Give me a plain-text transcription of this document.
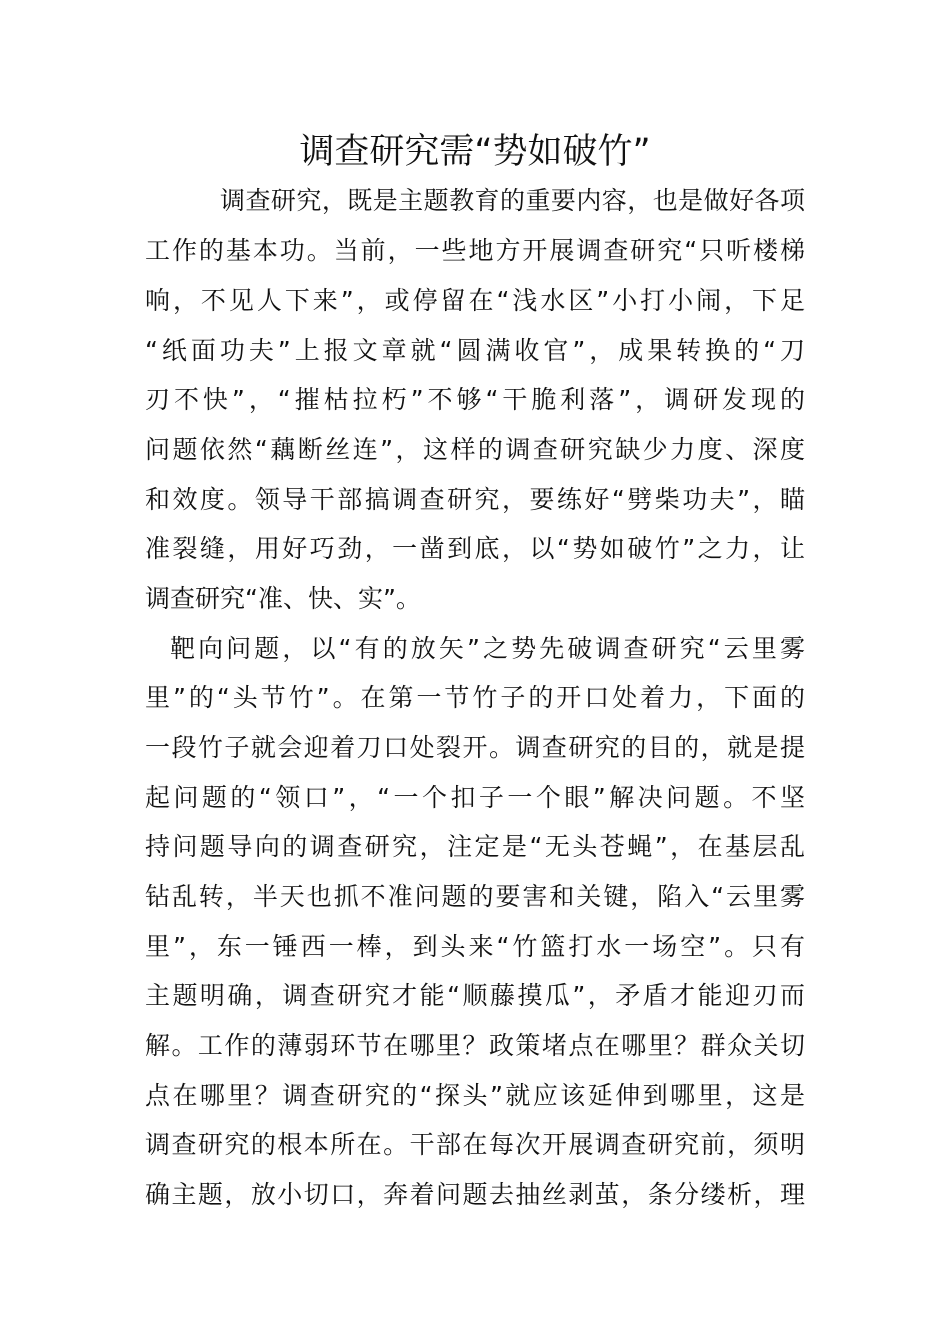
调查研究需“势如破竹”
调查研究，既是主题教育的重要内容，也是做好各项
工作的基本功。当前，一些地方开展调查研究“只听楼梯
响，不见人下来”，或停留在“浅水区”小打小闹，下足
“纸面功夫”上报文章就“圆满收官”，成果转换的“刀
刃不快”，“摧枯拉朽”不够“干脆利落”，调研发现的
问题依然“藕断丝连”，这样的调查研究缺少力度、深度
和效度。领导干部搞调查研究，要练好“劈柴功夫”，瞄
准裂缝，用好巧劲，一凿到底，以“势如破竹”之力，让
调查研究“准、快、实”。
靶向问题，以“有的放矢”之势先破调查研究“云里雾
里”的“头节竹”。在第一节竹子的开口处着力，下面的
一段竹子就会迎着刀口处裂开。调查研究的目的，就是提
起问题的“领口”，“一个扣子一个眼”解决问题。不坚
持问题导向的调查研究，注定是“无头苍蝇”，在基层乱
钻乱转，半天也抓不准问题的要害和关键，陷入“云里雾
里”，东一锤西一棒，到头来“竹篮打水一场空”。只有
主题明确，调查研究才能“顺藤摸瓜”，矛盾才能迎刃而
解。工作的薄弱环节在哪里？政策堵点在哪里？群众关切
点在哪里？调查研究的“探头”就应该延伸到哪里，这是
调查研究的根本所在。干部在每次开展调查研究前，须明
确主题，放小切口，奔着问题去抽丝剥茧，条分缕析，理
